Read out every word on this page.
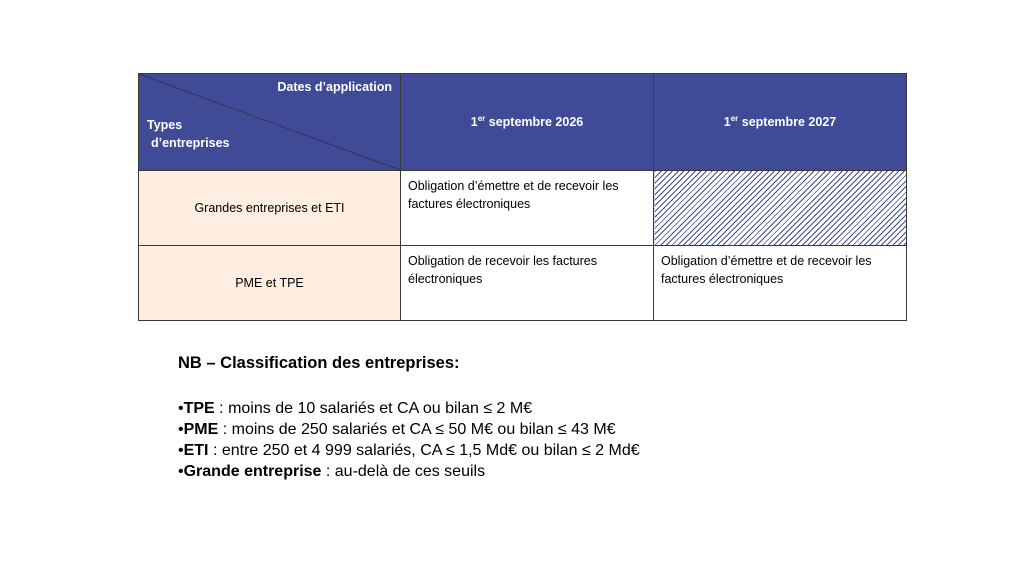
Dates d’application
Types
d’entreprises	1er septembre 2026	1er septembre 2027
Grandes entreprises et ETI	Obligation d’émettre et de recevoir les factures électroniques	
PME et TPE	Obligation de recevoir les factures électroniques	Obligation d’émettre et de recevoir les factures électroniques

NB – Classification des entreprises:

•TPE : moins de 10 salariés et CA ou bilan ≤ 2 M€
•PME : moins de 250 salariés et CA ≤ 50 M€ ou bilan ≤ 43 M€
•ETI : entre 250 et 4 999 salariés, CA ≤ 1,5 Md€ ou bilan ≤ 2 Md€
•Grande entreprise : au-delà de ces seuils
